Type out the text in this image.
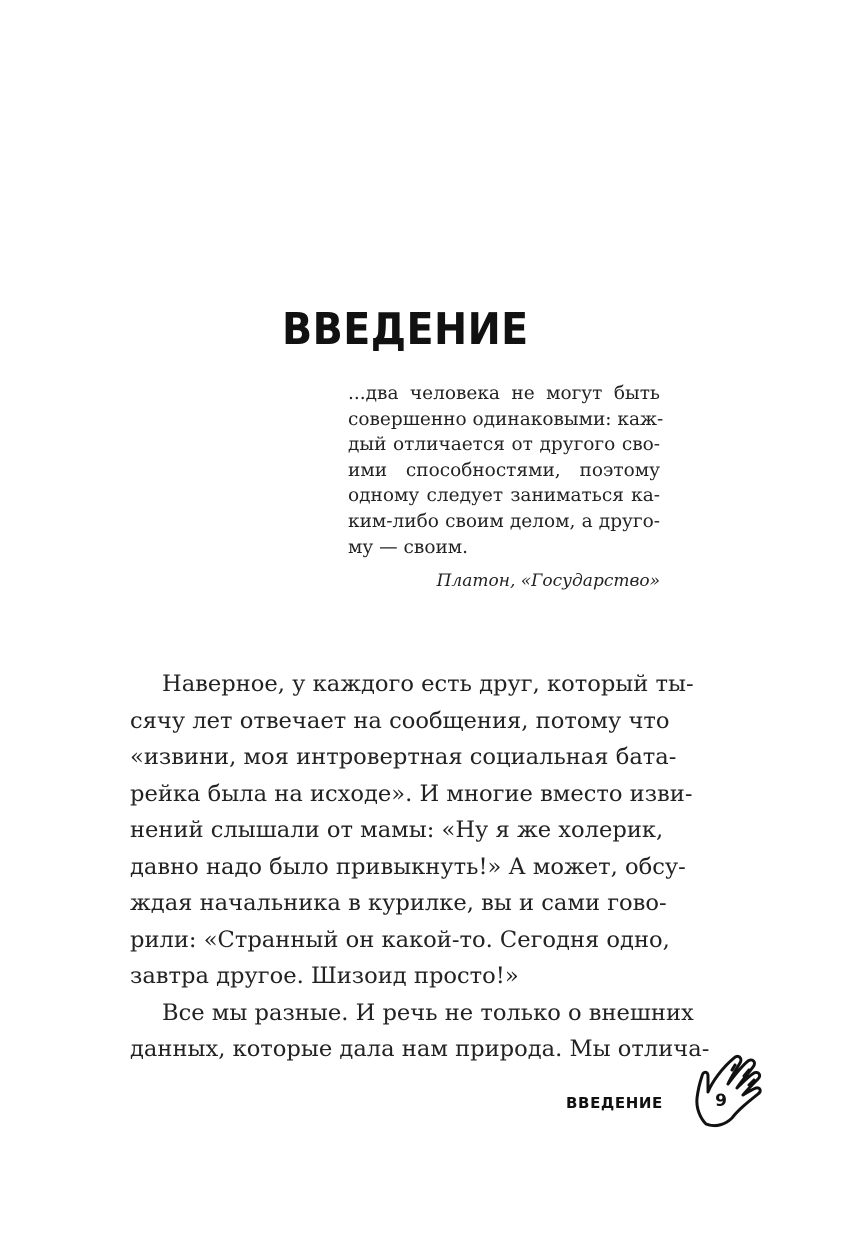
ВВЕДЕНИЕ

...два человека не могут быть
совершенно одинаковыми: каж-
дый отличается от другого сво-
ими способностями, поэтому
одному следует заниматься ка-
ким-либо своим делом, а друго-
му — своим.

Платон, «Государство»

Наверное, у каждого есть друг, который ты-
сячу лет отвечает на сообщения, потому что
«извини, моя интровертная социальная бата-
рейка была на исходе». И многие вместо изви-
нений слышали от мамы: «Ну я же холерик,
давно надо было привыкнуть!» А может, обсу-
ждая начальника в курилке, вы и сами гово-
рили: «Странный он какой-то. Сегодня одно,
завтра другое. Шизоид просто!»
Все мы разные. И речь не только о внешних
данных, которые дала нам природа. Мы отлича-

ВВЕДЕНИЕ	9
